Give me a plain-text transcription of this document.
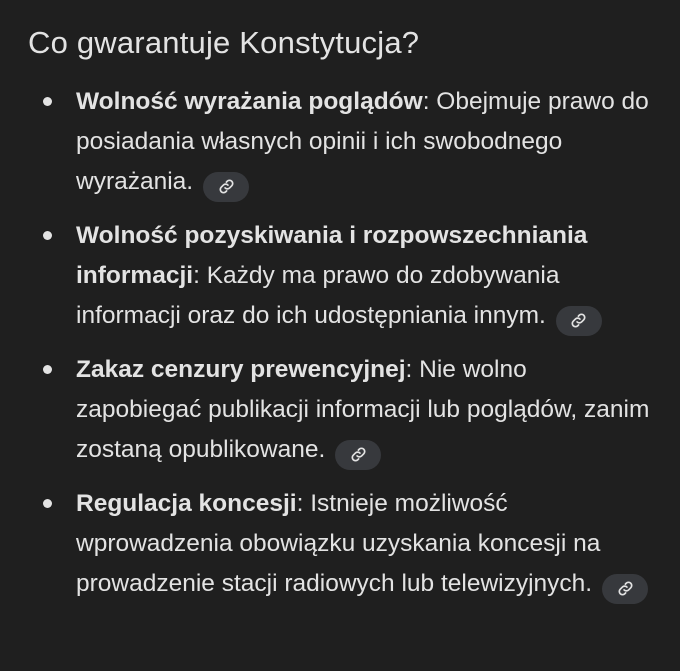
Co gwarantuje Konstytucja?
Wolność wyrażania poglądów: Obejmuje prawo do posiadania własnych opinii i ich swobodnego wyrażania.
Wolność pozyskiwania i rozpowszechniania informacji: Każdy ma prawo do zdobywania informacji oraz do ich udostępniania innym.
Zakaz cenzury prewencyjnej: Nie wolno zapobiegać publikacji informacji lub poglądów, zanim zostaną opublikowane.
Regulacja koncesji: Istnieje możliwość wprowadzenia obowiązku uzyskania koncesji na prowadzenie stacji radiowych lub telewizyjnych.
